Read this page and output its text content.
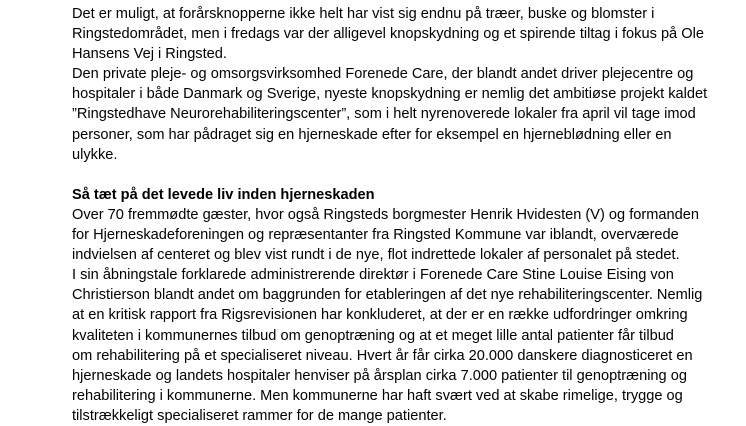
Det er muligt, at forårsknopperne ikke helt har vist sig endnu på træer, buske og blomster i
Ringstedområdet, men i fredags var der alligevel knopskydning og et spirende tiltag i fokus på Ole
Hansens Vej i Ringsted.
Den private pleje- og omsorgsvirksomhed Forenede Care, der blandt andet driver plejecentre og
hospitaler i både Danmark og Sverige, nyeste knopskydning er nemlig det ambitiøse projekt kaldet
”Ringstedhave Neurorehabiliteringscenter”, som i helt nyrenoverede lokaler fra april vil tage imod
personer, som har pådraget sig en hjerneskade efter for eksempel en hjerneblødning eller en
ulykke.
Så tæt på det levede liv inden hjerneskaden
Over 70 fremmødte gæster, hvor også Ringsteds borgmester Henrik Hvidesten (V) og formanden
for Hjerneskadeforeningen og repræsentanter fra Ringsted Kommune var iblandt, overværede
indvielsen af centeret og blev vist rundt i de nye, flot indrettede lokaler af personalet på stedet.
I sin åbningstale forklarede administrerende direktør i Forenede Care Stine Louise Eising von
Christierson blandt andet om baggrunden for etableringen af det nye rehabiliteringscenter. Nemlig
at en kritisk rapport fra Rigsrevisionen har konkluderet, at der er en række udfordringer omkring
kvaliteten i kommunernes tilbud om genoptræning og at et meget lille antal patienter får tilbud
om rehabilitering på et specialiseret niveau. Hvert år får cirka 20.000 danskere diagnosticeret en
hjerneskade og landets hospitaler henviser på årsplan cirka 7.000 patienter til genoptræning og
rehabilitering i kommunerne. Men kommunerne har haft svært ved at skabe rimelige, trygge og
tilstrækkeligt specialiseret rammer for de mange patienter.
